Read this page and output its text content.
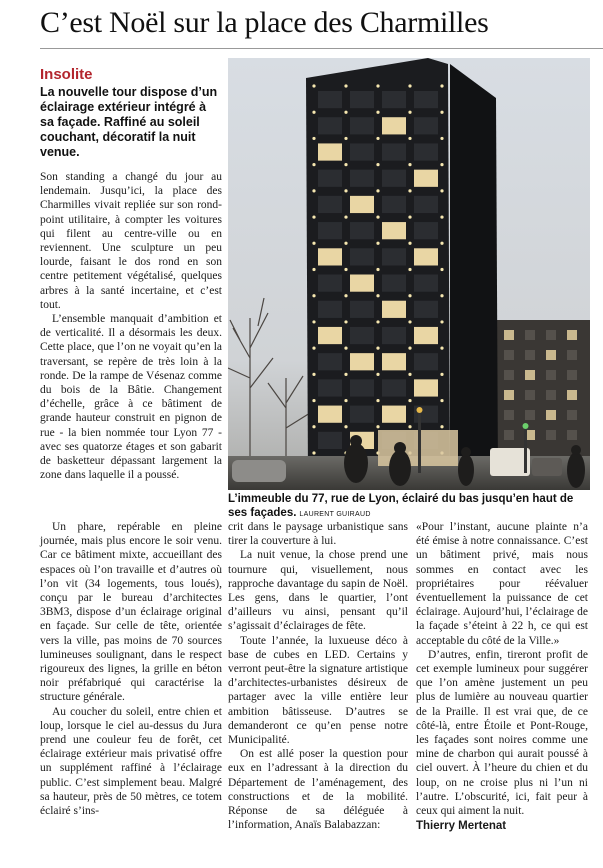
C’est Noël sur la place des Charmilles
Insolite

La nouvelle tour dispose d’un éclairage extérieur intégré à sa façade. Raffiné au soleil couchant, décoratif la nuit venue.

L’immeuble du 77, rue de Lyon, éclairé du bas jusqu’en haut de ses façades. LAURENT GUIRAUD

Son standing a changé du jour au lendemain. Jusqu’ici, la place des Charmilles vivait repliée sur son rond-point utilitaire, à compter les voitures qui filent au centre-ville ou en reviennent. Une sculpture un peu lourde, faisant le dos rond en son centre petitement végétalisé, quelques arbres à la santé incertaine, et c’est tout.

L’ensemble manquait d’ambition et de verticalité. Il a désormais les deux. Cette place, que l’on ne voyait qu’en la traversant, se repère de très loin à la ronde. De la rampe de Vésenaz comme du bois de la Bâtie. Changement d’échelle, grâce à ce bâtiment de grande hauteur construit en pignon de rue - la bien nommée tour Lyon 77 - avec ses quatorze étages et son gabarit de basketteur dépassant largement la zone dans laquelle il a poussé.

Un phare, repérable en pleine journée, mais plus encore le soir venu. Car ce bâtiment mixte, accueillant des espaces où l’on travaille et d’autres où l’on vit (34 logements, tous loués), conçu par le bureau d’architectes 3BM3, dispose d’un éclairage original en façade. Sur celle de tête, orientée vers la ville, pas moins de 70 sources lumineuses soulignant, dans le respect rigoureux des lignes, la grille en béton noir préfabriqué qui caractérise la structure générale.

Au coucher du soleil, entre chien et loup, lorsque le ciel au-dessus du Jura prend une couleur feu de forêt, cet éclairage extérieur mais privatisé offre un supplément raffiné à l’éclairage public. C’est simplement beau. Malgré sa hauteur, près de 50 mètres, ce totem éclairé s’ins-

crit dans le paysage urbanistique sans tirer la couverture à lui.

La nuit venue, la chose prend une tournure qui, visuellement, nous rapproche davantage du sapin de Noël. Les gens, dans le quartier, l’ont d’ailleurs vu ainsi, pensant qu’il s’agissait d’éclairages de fête.

Toute l’année, la luxueuse déco à base de cubes en LED. Certains y verront peut-être la signature artistique d’architectes-urbanistes désireux de partager avec la ville entière leur ambition bâtisseuse. D’autres se demanderont ce qu’en pense notre Municipalité.

On est allé poser la question pour eux en l’adressant à la direction du Département de l’aménagement, des constructions et de la mobilité. Réponse de sa déléguée à l’information, Anaïs Balabazzan:

«Pour l’instant, aucune plainte n’a été émise à notre connaissance. C’est un bâtiment privé, mais nous sommes en contact avec les propriétaires pour réévaluer éventuellement la puissance de cet éclairage. Aujourd’hui, l’éclairage de la façade s’éteint à 22 h, ce qui est acceptable du côté de la Ville.»

D’autres, enfin, tireront profit de cet exemple lumineux pour suggérer que l’on amène justement un peu plus de lumière au nouveau quartier de la Praille. Il est vrai que, de ce côté-là, entre Étoile et Pont-Rouge, les façades sont noires comme une mine de charbon qui aurait poussé à ciel ouvert. À l’heure du chien et du loup, on ne croise plus ni l’un ni l’autre. L’obscurité, ici, fait peur à ceux qui aiment la nuit.

Thierry Mertenat
